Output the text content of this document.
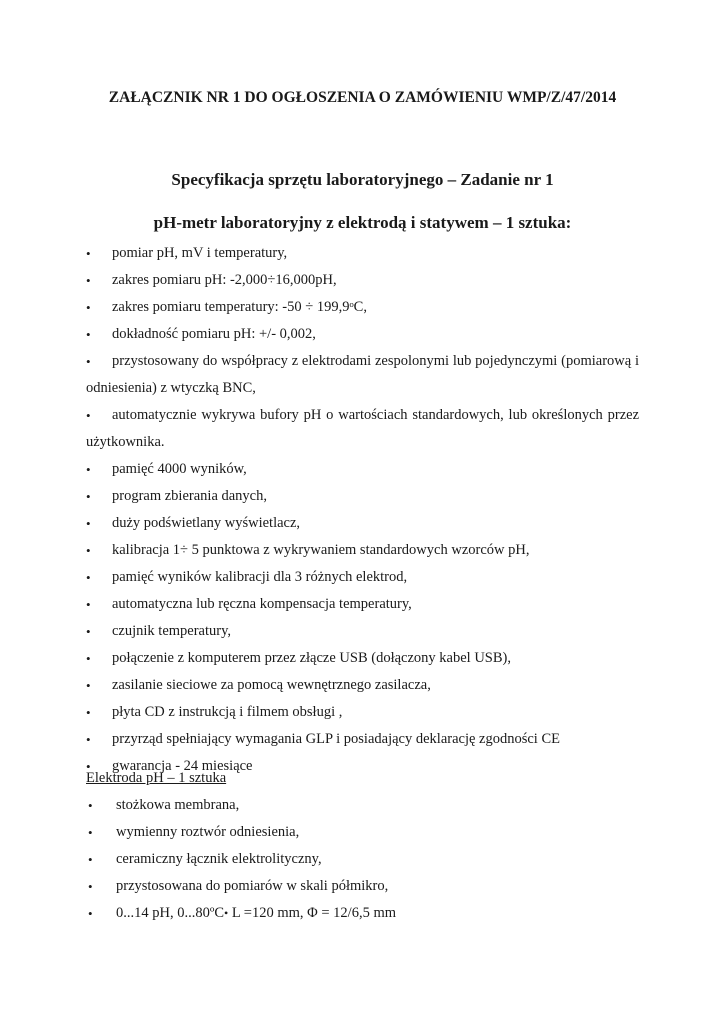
ZAŁĄCZNIK NR 1 DO OGŁOSZENIA O ZAMÓWIENIU WMP/Z/47/2014
Specyfikacja sprzętu laboratoryjnego – Zadanie nr 1
pH-metr laboratoryjny z elektrodą i statywem – 1 sztuka:
• pomiar pH, mV i temperatury,
• zakres pomiaru pH: -2,000÷16,000pH,
• zakres pomiaru temperatury: -50 ÷ 199,9ᵒC,
• dokładność pomiaru pH: +/- 0,002,
•	przystosowany do współpracy z elektrodami zespolonymi lub pojedynczymi (pomiarową i odniesienia) z wtyczką BNC,
•	automatycznie wykrywa bufory pH o wartościach standardowych, lub określonych przez użytkownika.
• pamięć 4000 wyników,
• program zbierania danych,
• duży podświetlany wyświetlacz,
• kalibracja 1÷ 5 punktowa z wykrywaniem standardowych wzorców pH,
• pamięć wyników kalibracji dla 3 różnych elektrod,
• automatyczna lub ręczna kompensacja temperatury,
• czujnik temperatury,
• połączenie z komputerem przez złącze USB (dołączony kabel USB),
• zasilanie sieciowe za pomocą wewnętrznego zasilacza,
• płyta CD z instrukcją i filmem obsługi ,
• przyrząd spełniający wymagania GLP i posiadający deklarację zgodności CE
• gwarancja - 24 miesiące
Elektroda pH – 1 sztuka
• stożkowa membrana,
• wymienny roztwór odniesienia,
• ceramiczny łącznik elektrolityczny,
• przystosowana do pomiarów w skali półmikro,
• 0...14 pH, 0...80ºC• L =120 mm, Φ = 12/6,5 mm
